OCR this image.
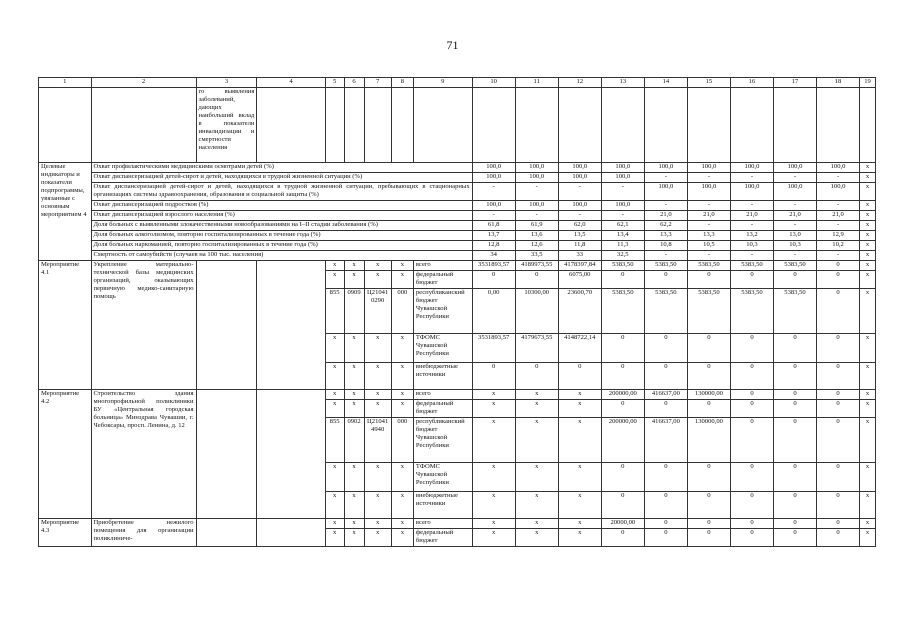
71
1	2	3	4	5	6	7	8	9	10	11	12	13	14	15	16	17	18	19
		го выявления заболеваний, дающих наибольший вклад в показатели инвалидизации и смертности населения																
Целевые индикаторы и показатели подпрограммы, увязанные с основным мероприятием 4	Охват профилактическими медицинскими осмотрами детей (%)								100,0	100,0	100,0	100,0	100,0	100,0	100,0	100,0	100,0	x
	Охват диспансеризацией детей-сирот и детей, находящихся в трудной жизненной ситуации (%)								100,0	100,0	100,0	100,0	-	-	-	-	-	x
	Охват диспансеризацией детей-сирот и детей, находящихся в трудной жизненной ситуации, пребывающих в стационарных организациях системы здравоохранения, образования и социальной защиты (%)								-	-	-	-	100,0	100,0	100,0	100,0	100,0	x
	Охват диспансеризацией подростков (%)								100,0	100,0	100,0	100,0	-	-	-	-	-	x
	Охват диспансеризацией взрослого населения (%)								-	-	-	-	21,0	21,0	21,0	21,0	21,0	x
	Доля больных с выявленными злокачественными новообразованиями на I–II стадии заболевания (%)								61,8	61,9	62,0	62,1	62,2	-	-	-	-	x
	Доля больных алкоголизмом, повторно госпитализированных в течение года (%)								13,7	13,6	13,5	13,4	13,3	13,3	13,2	13,0	12,9	x
	Доля больных наркоманией, повторно госпитализированных в течение года (%)								12,8	12,6	11,8	11,3	10,8	10,5	10,3	10,3	10,2	x
	Смертность от самоубийств (случаев на 100 тыс. населения)								34	33,5	33	32,5	-	-	-	-	-	x
Мероприятие 4.1	Укрепление материально-технической базы медицинских организаций, оказывающих первичную медико-санитарную помощь			x	x	x	x	всего	3531893,57	4189973,55	4178397,84	5383,50	5383,50	5383,50	5383,50	5383,50	0	x
				x	x	x	x	федеральный бюджет	0	0	6075,00	0	0	0	0	0	0	x
				855	0909	Ц210410290	000	республиканский бюджет Чувашской Республики	0,00	10300,00	23600,70	5383,50	5383,50	5383,50	5383,50	5383,50	0	x
				x	x	x	x	ТФОМС Чувашской Республики	3531893,57	4179673,55	4148722,14	0	0	0	0	0	0	x
				x	x	x	x	внебюджетные источники	0	0	0	0	0	0	0	0	0	x
Мероприятие 4.2	Строительство здания многопрофильной поликлиники БУ «Центральная городская больница» Минздрава Чувашии, г. Чебоксары, просп. Ленина, д. 12			x	x	x	x	всего	x	x	x	200000,00	416637,00	130000,00	0	0	0	x
				x	x	x	x	федеральный бюджет	x	x	x	0	0	0	0	0	0	x
				855	0902	Ц210414940	000	республиканский бюджет Чувашской Республики	x	x	x	200000,00	416637,00	130000,00	0	0	0	x
				x	x	x	x	ТФОМС Чувашской Республики	x	x	x	0	0	0	0	0	0	x
				x	x	x	x	внебюджетные источники	x	x	x	0	0	0	0	0	0	x
Мероприятие 4.3	Приобретение нежилого помещения для организации поликлиниче-			x	x	x	x	всего	x	x	x	20000,00	0	0	0	0	0	x
				x	x	x	x	федеральный бюджет	x	x	x	0	0	0	0	0	0	x
